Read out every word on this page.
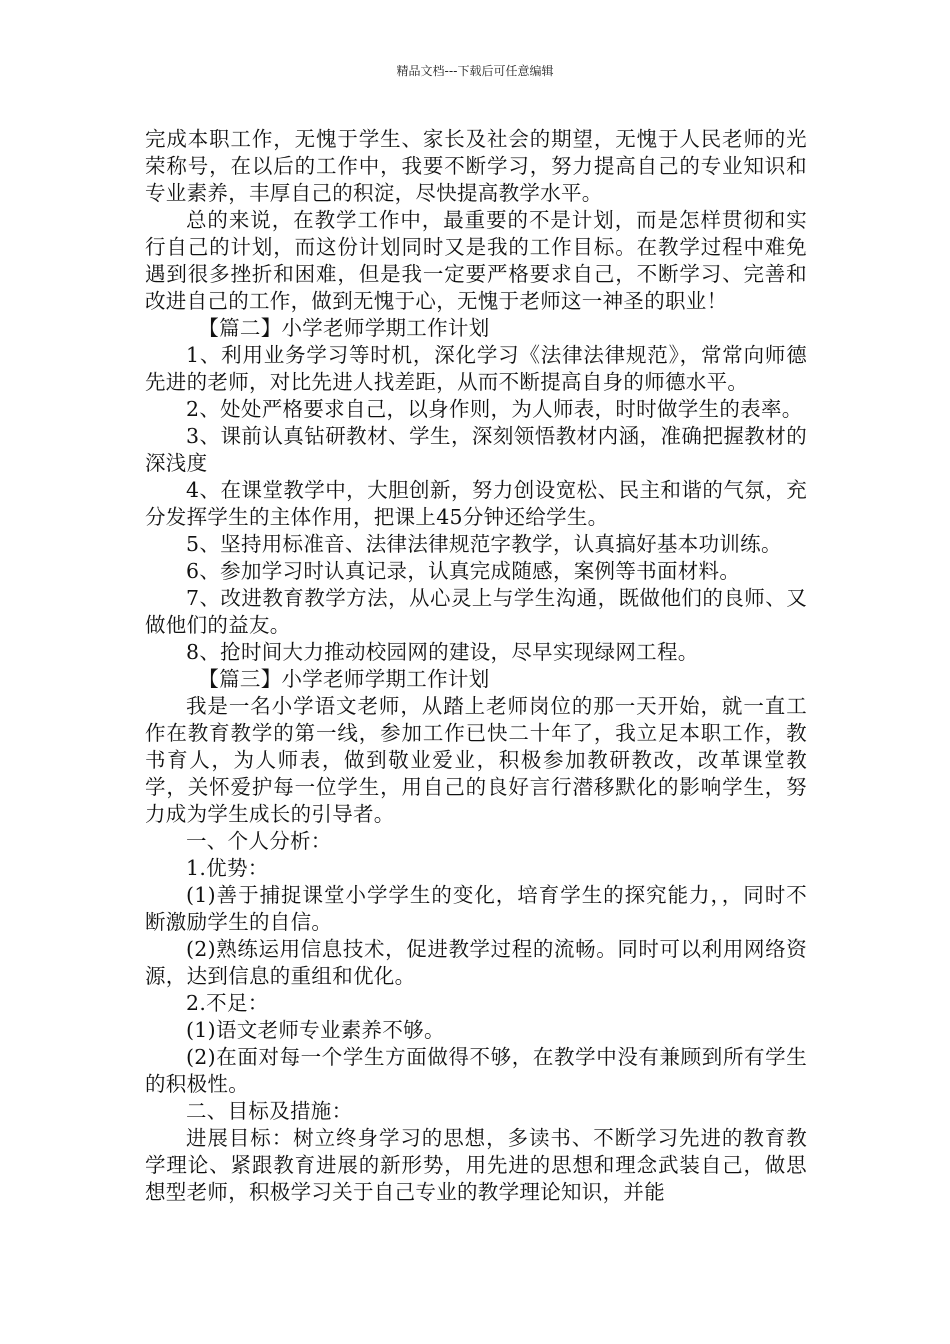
精品文档---下载后可任意编辑

完成本职工作，无愧于学生、家长及社会的期望，无愧于人民老师的光荣称号，在以后的工作中，我要不断学习，努力提高自己的专业知识和专业素养，丰厚自己的积淀，尽快提高教学水平。

总的来说，在教学工作中，最重要的不是计划，而是怎样贯彻和实行自己的计划，而这份计划同时又是我的工作目标。在教学过程中难免遇到很多挫折和困难，但是我一定要严格要求自己，不断学习、完善和改进自己的工作，做到无愧于心，无愧于老师这一神圣的职业！

【篇二】小学老师学期工作计划

1、利用业务学习等时机，深化学习《法律法律规范》，常常向师德先进的老师，对比先进人找差距，从而不断提高自身的师德水平。

2、处处严格要求自己，以身作则，为人师表，时时做学生的表率。

3、课前认真钻研教材、学生，深刻领悟教材内涵，准确把握教材的深浅度

4、在课堂教学中，大胆创新，努力创设宽松、民主和谐的气氛，充分发挥学生的主体作用，把课上45分钟还给学生。

5、坚持用标准音、法律法律规范字教学，认真搞好基本功训练。

6、参加学习时认真记录，认真完成随感，案例等书面材料。

7、改进教育教学方法，从心灵上与学生沟通，既做他们的良师、又做他们的益友。

8、抢时间大力推动校园网的建设，尽早实现绿网工程。

【篇三】小学老师学期工作计划

我是一名小学语文老师，从踏上老师岗位的那一天开始，就一直工作在教育教学的第一线，参加工作已快二十年了，我立足本职工作，教书育人，为人师表，做到敬业爱业，积极参加教研教改，改革课堂教学，关怀爱护每一位学生，用自己的良好言行潜移默化的影响学生，努力成为学生成长的引导者。

一、个人分析：

1.优势：

(1)善于捕捉课堂小学学生的变化，培育学生的探究能力，，同时不断激励学生的自信。

(2)熟练运用信息技术，促进教学过程的流畅。同时可以利用网络资源，达到信息的重组和优化。

2.不足：

(1)语文老师专业素养不够。

(2)在面对每一个学生方面做得不够，在教学中没有兼顾到所有学生的积极性。

二、目标及措施：

进展目标：树立终身学习的思想，多读书、不断学习先进的教育教学理论、紧跟教育进展的新形势，用先进的思想和理念武装自己，做思想型老师，积极学习关于自己专业的教学理论知识，并能
